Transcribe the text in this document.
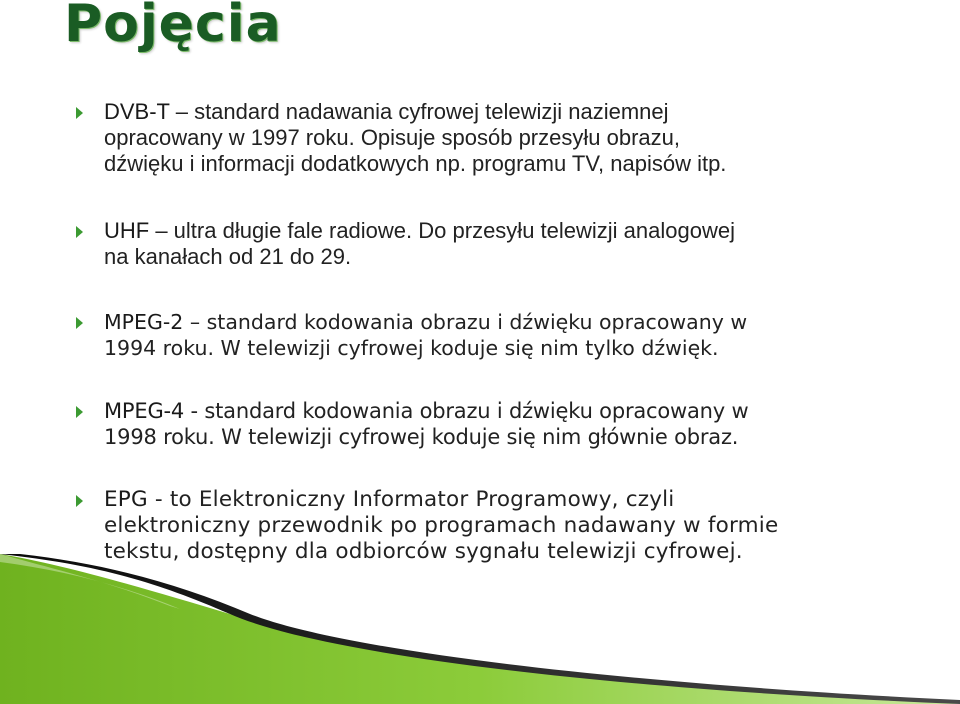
Pojęcia
DVB-T – standard nadawania cyfrowej telewizji naziemnej
opracowany w 1997 roku. Opisuje sposób przesyłu obrazu,
dźwięku i informacji dodatkowych np. programu TV, napisów itp.
UHF – ultra długie fale radiowe. Do przesyłu telewizji analogowej
na kanałach od 21 do 29.
MPEG-2 – standard kodowania obrazu i dźwięku opracowany w
1994 roku. W telewizji cyfrowej koduje się nim tylko dźwięk.
MPEG-4 - standard kodowania obrazu i dźwięku opracowany w
1998 roku. W telewizji cyfrowej koduje się nim głównie obraz.
EPG - to Elektroniczny Informator Programowy, czyli
elektroniczny przewodnik po programach nadawany w formie
tekstu, dostępny dla odbiorców sygnału telewizji cyfrowej.
